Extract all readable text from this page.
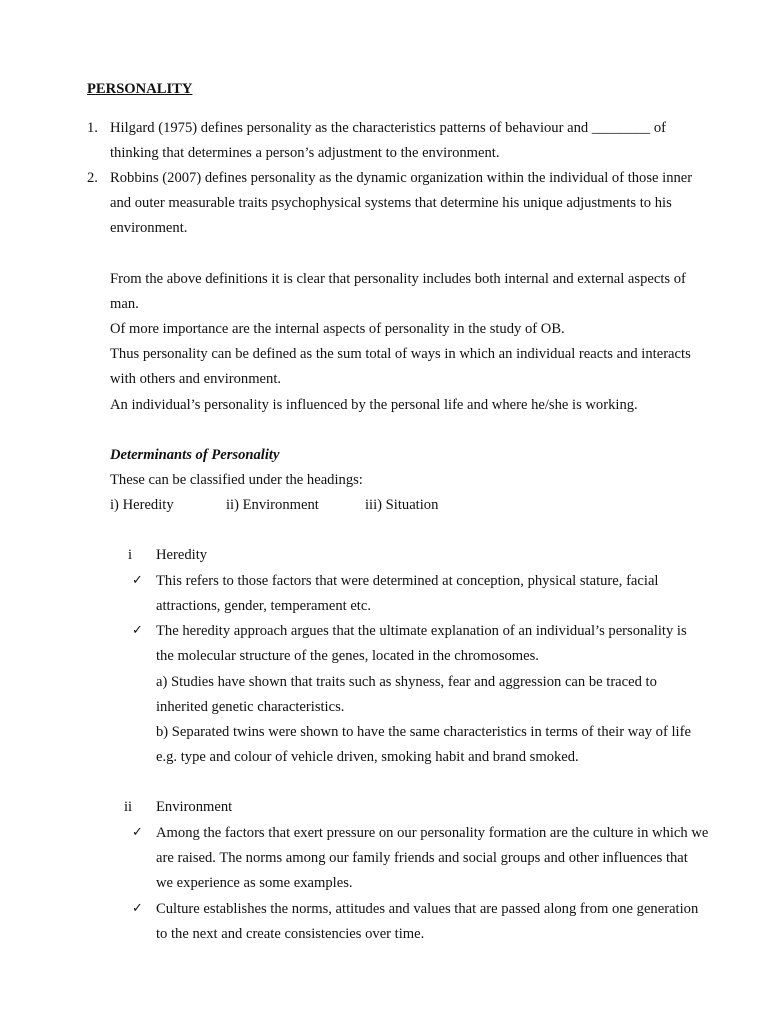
PERSONALITY
1. Hilgard (1975) defines personality as the characteristics patterns of behaviour and ________ of
thinking that determines a person’s adjustment to the environment.
2. Robbins (2007) defines personality as the dynamic organization within the individual of those inner
and outer measurable traits psychophysical systems that determine his unique adjustments to his
environment.
From the above definitions it is clear that personality includes both internal and external aspects of
man.
Of more importance are the internal aspects of personality in the study of OB.
Thus personality can be defined as the sum total of ways in which an individual reacts and interacts
with others and environment.
An individual’s personality is influenced by the personal life and where he/she is working.
Determinants of Personality
These can be classified under the headings:
i) Heredity	ii) Environment	iii) Situation
i Heredity
✓ This refers to those factors that were determined at conception, physical stature, facial
attractions, gender, temperament etc.
✓ The heredity approach argues that the ultimate explanation of an individual’s personality is
the molecular structure of the genes, located in the chromosomes.
a) Studies have shown that traits such as shyness, fear and aggression can be traced to
inherited genetic characteristics.
b) Separated twins were shown to have the same characteristics in terms of their way of life
e.g. type and colour of vehicle driven, smoking habit and brand smoked.
ii Environment
✓ Among the factors that exert pressure on our personality formation are the culture in which we
are raised. The norms among our family friends and social groups and other influences that
we experience as some examples.
✓ Culture establishes the norms, attitudes and values that are passed along from one generation
to the next and create consistencies over time.
